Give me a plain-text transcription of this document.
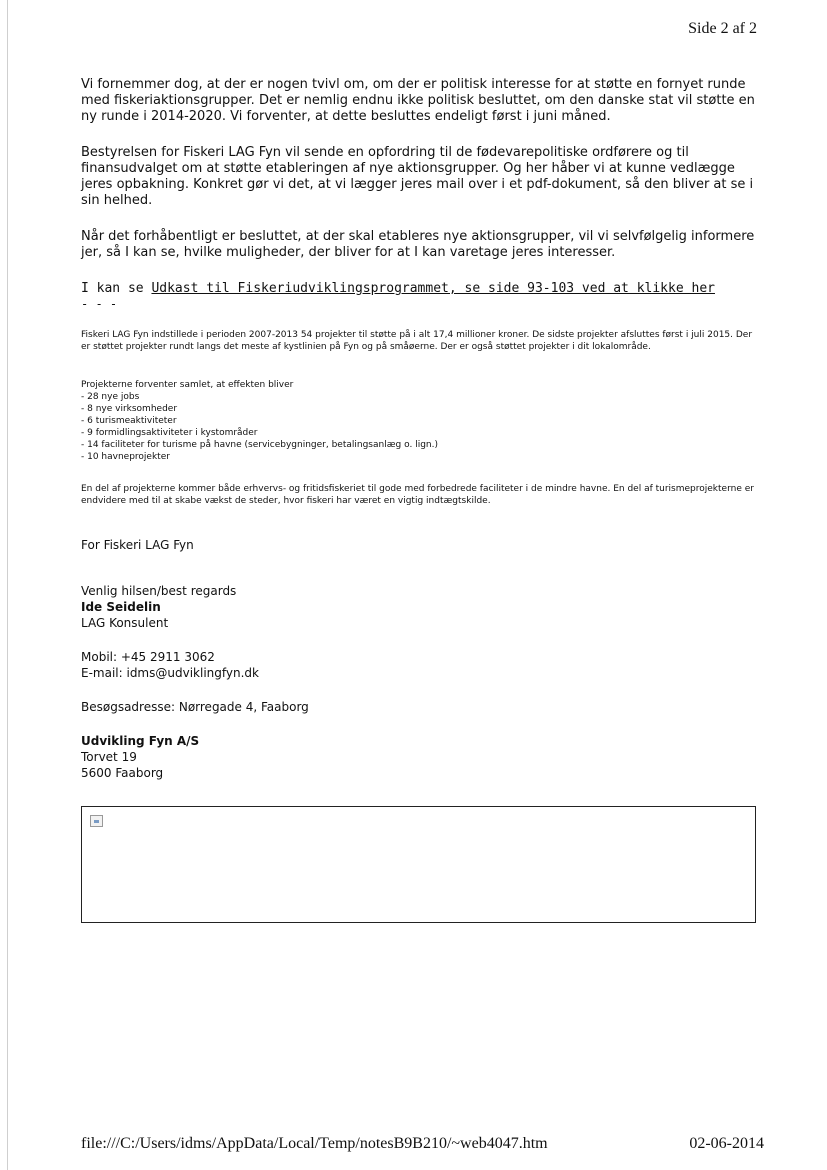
Side 2 af 2

Vi fornemmer dog, at der er nogen tvivl om, om der er politisk interesse for at støtte en fornyet runde med fiskeriaktionsgrupper. Det er nemlig endnu ikke politisk besluttet, om den danske stat vil støtte en ny runde i 2014-2020. Vi forventer, at dette besluttes endeligt først i juni måned.

Bestyrelsen for Fiskeri LAG Fyn vil sende en opfordring til de fødevarepolitiske ordførere og til finansudvalget om at støtte etableringen af nye aktionsgrupper. Og her håber vi at kunne vedlægge jeres opbakning. Konkret gør vi det, at vi lægger jeres mail over i et pdf-dokument, så den bliver at se i sin helhed.

Når det forhåbentligt er besluttet, at der skal etableres nye aktionsgrupper, vil vi selvfølgelig informere jer, så I kan se, hvilke muligheder, der bliver for at I kan varetage jeres interesser.

I kan se Udkast til Fiskeriudviklingsprogrammet, se side 93-103 ved at klikke her

- - -

Fiskeri LAG Fyn indstillede i perioden 2007-2013 54 projekter til støtte på i alt 17,4 millioner kroner. De sidste projekter afsluttes først i juli 2015. Der er støttet projekter rundt langs det meste af kystlinien på Fyn og på småøerne. Der er også støttet projekter i dit lokalområde.

Projekterne forventer samlet, at effekten bliver
- 28 nye jobs
- 8 nye virksomheder
- 6 turismeaktiviteter
- 9 formidlingsaktiviteter i kystområder
- 14 faciliteter for turisme på havne (servicebygninger, betalingsanlæg o. lign.)
- 10 havneprojekter

En del af projekterne kommer både erhvervs- og fritidsfiskeriet til gode med forbedrede faciliteter i de mindre havne. En del af turismeprojekterne er endvidere med til at skabe vækst de steder, hvor fiskeri har været en vigtig indtægtskilde.

For Fiskeri LAG Fyn
Venlig hilsen/best regards
Ide Seidelin
LAG Konsulent
Mobil: +45 2911 3062
E-mail: idms@udviklingfyn.dk
Besøgsadresse: Nørregade 4, Faaborg
Udvikling Fyn A/S
Torvet 19
5600 Faaborg
file:///C:/Users/idms/AppData/Local/Temp/notesB9B210/~web4047.htm	02-06-2014
